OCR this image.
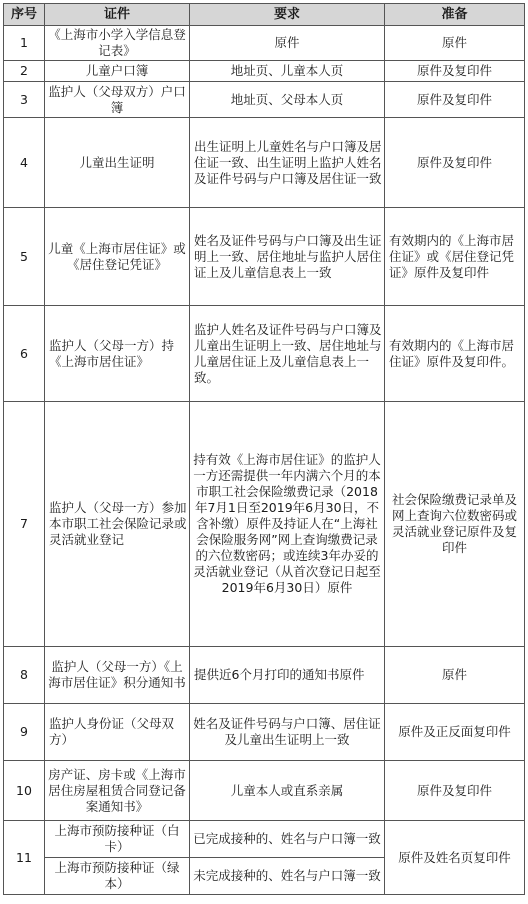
序号	证件	要求	准备
1	《上海市小学入学信息登记表》	原件	原件
2	儿童户口簿	地址页、儿童本人页	原件及复印件
3	监护人（父母双方）户口簿	地址页、父母本人页	原件及复印件
4	儿童出生证明	出生证明上儿童姓名与户口簿及居住证一致、出生证明上监护人姓名及证件号码与户口簿及居住证一致	原件及复印件
5	儿童《上海市居住证》或《居住登记凭证》	姓名及证件号码与户口簿及出生证明上一致、居住地址与监护人居住证上及儿童信息表上一致	有效期内的《上海市居住证》或《居住登记凭证》原件及复印件
6	监护人（父母一方）持《上海市居住证》	监护人姓名及证件号码与户口簿及儿童出生证明上一致、居住地址与儿童居住证上及儿童信息表上一致。	有效期内的《上海市居住证》原件及复印件。
7	监护人（父母一方）参加本市职工社会保险记录或灵活就业登记	持有效《上海市居住证》的监护人一方还需提供一年内满六个月的本市职工社会保险缴费记录（2018年7月1日至2019年6月30日，不含补缴）原件及持证人在“上海社会保险服务网”网上查询缴费记录的六位数密码；或连续3年办妥的灵活就业登记（从首次登记日起至2019年6月30日）原件	社会保险缴费记录单及网上查询六位数密码或灵活就业登记原件及复印件
8	监护人（父母一方）《上海市居住证》积分通知书	提供近6个月打印的通知书原件	原件
9	监护人身份证（父母双方）	姓名及证件号码与户口簿、居住证及儿童出生证明上一致	原件及正反面复印件
10	房产证、房卡或《上海市居住房屋租赁合同登记备案通知书》	儿童本人或直系亲属	原件及复印件
11	上海市预防接种证（白卡）	已完成接种的、姓名与户口簿一致	原件及姓名页复印件
	上海市预防接种证（绿本）	未完成接种的、姓名与户口簿一致	
